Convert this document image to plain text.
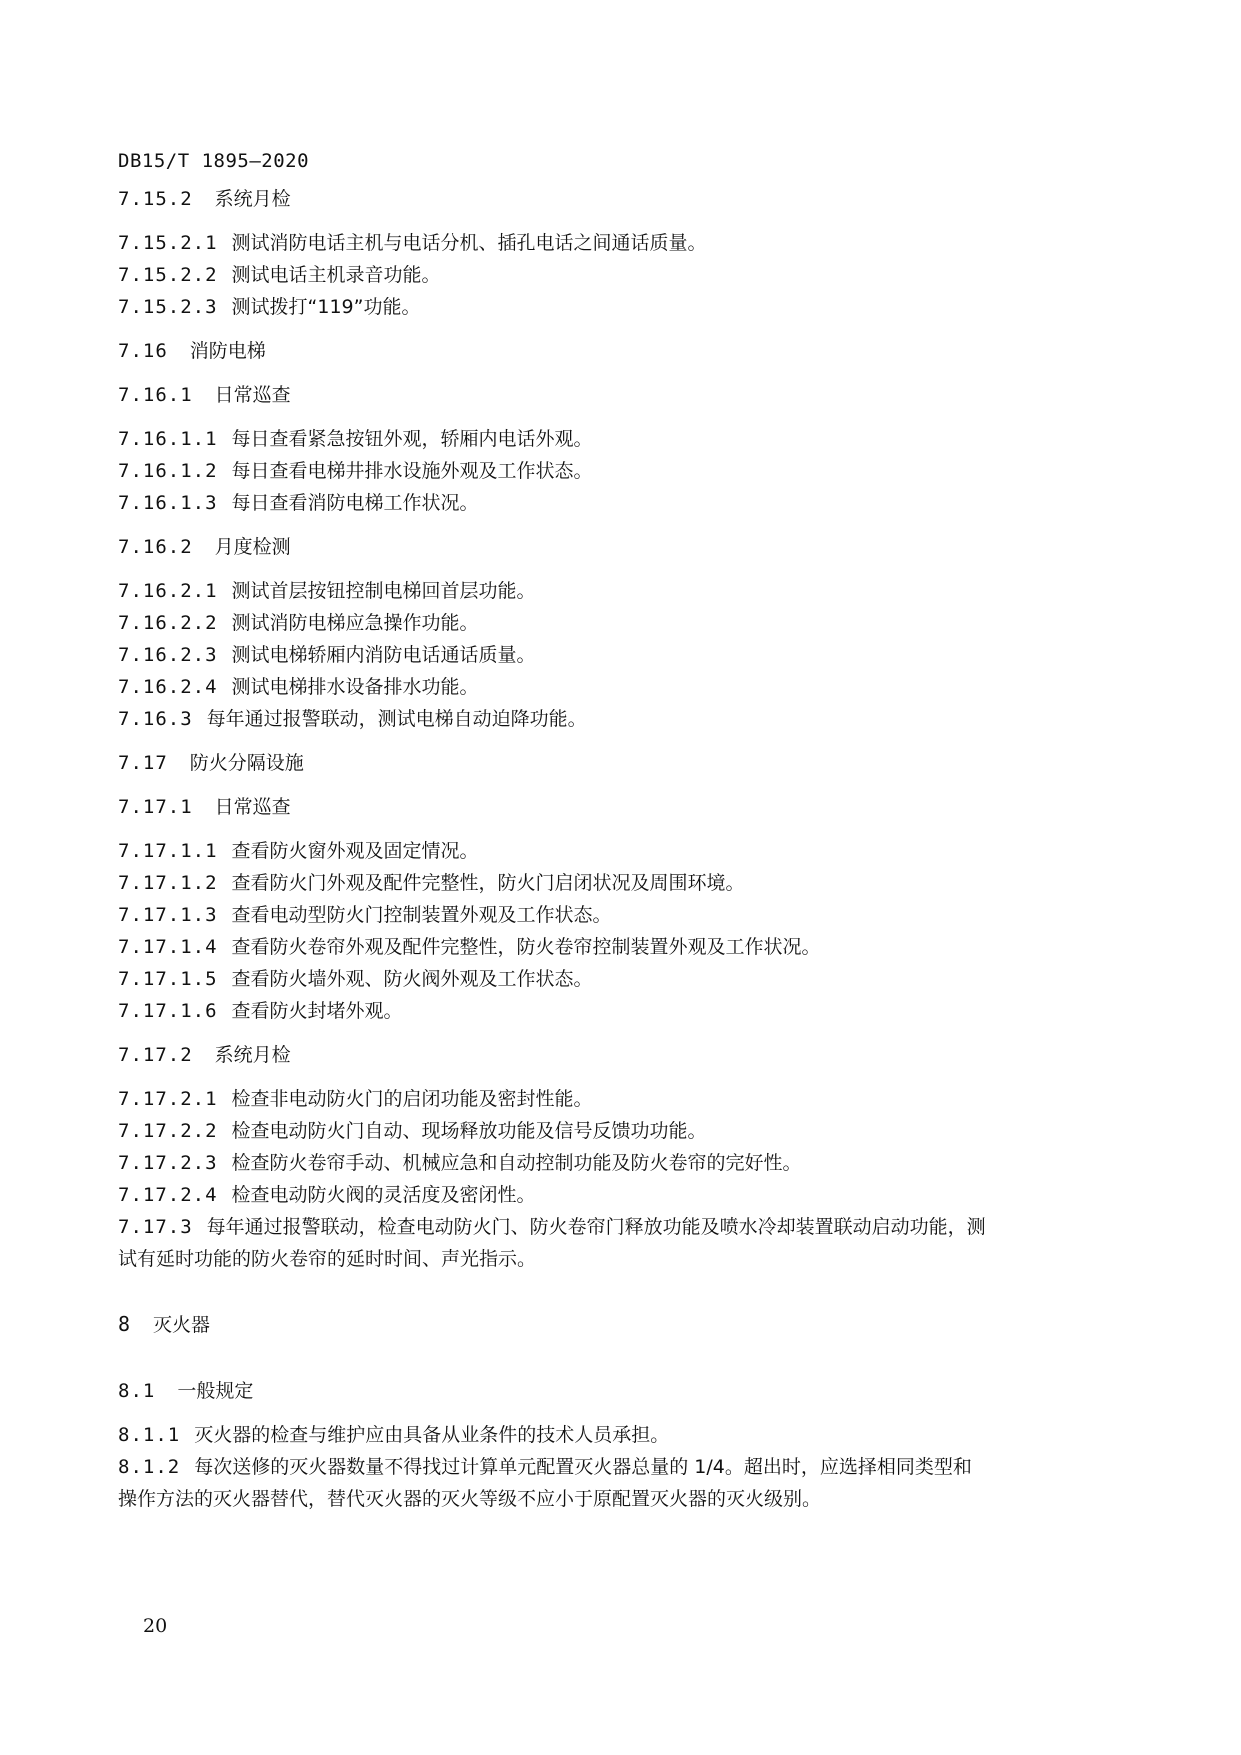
DB15/T 1895—2020
7.15.2 系统月检
7.15.2.1 测试消防电话主机与电话分机、插孔电话之间通话质量。
7.15.2.2 测试电话主机录音功能。
7.15.2.3 测试拨打“119”功能。
7.16 消防电梯
7.16.1 日常巡查
7.16.1.1 每日查看紧急按钮外观，轿厢内电话外观。
7.16.1.2 每日查看电梯井排水设施外观及工作状态。
7.16.1.3 每日查看消防电梯工作状况。
7.16.2 月度检测
7.16.2.1 测试首层按钮控制电梯回首层功能。
7.16.2.2 测试消防电梯应急操作功能。
7.16.2.3 测试电梯轿厢内消防电话通话质量。
7.16.2.4 测试电梯排水设备排水功能。
7.16.3 每年通过报警联动，测试电梯自动迫降功能。
7.17 防火分隔设施
7.17.1 日常巡查
7.17.1.1 查看防火窗外观及固定情况。
7.17.1.2 查看防火门外观及配件完整性，防火门启闭状况及周围环境。
7.17.1.3 查看电动型防火门控制装置外观及工作状态。
7.17.1.4 查看防火卷帘外观及配件完整性，防火卷帘控制装置外观及工作状况。
7.17.1.5 查看防火墙外观、防火阀外观及工作状态。
7.17.1.6 查看防火封堵外观。
7.17.2 系统月检
7.17.2.1 检查非电动防火门的启闭功能及密封性能。
7.17.2.2 检查电动防火门自动、现场释放功能及信号反馈功功能。
7.17.2.3 检查防火卷帘手动、机械应急和自动控制功能及防火卷帘的完好性。
7.17.2.4 检查电动防火阀的灵活度及密闭性。
7.17.3 每年通过报警联动，检查电动防火门、防火卷帘门释放功能及喷水冷却装置联动启动功能，测
试有延时功能的防火卷帘的延时时间、声光指示。
8 灭火器
8.1 一般规定
8.1.1 灭火器的检查与维护应由具备从业条件的技术人员承担。
8.1.2 每次送修的灭火器数量不得找过计算单元配置灭火器总量的 1/4。超出时，应选择相同类型和
操作方法的灭火器替代，替代灭火器的灭火等级不应小于原配置灭火器的灭火级别。
20
